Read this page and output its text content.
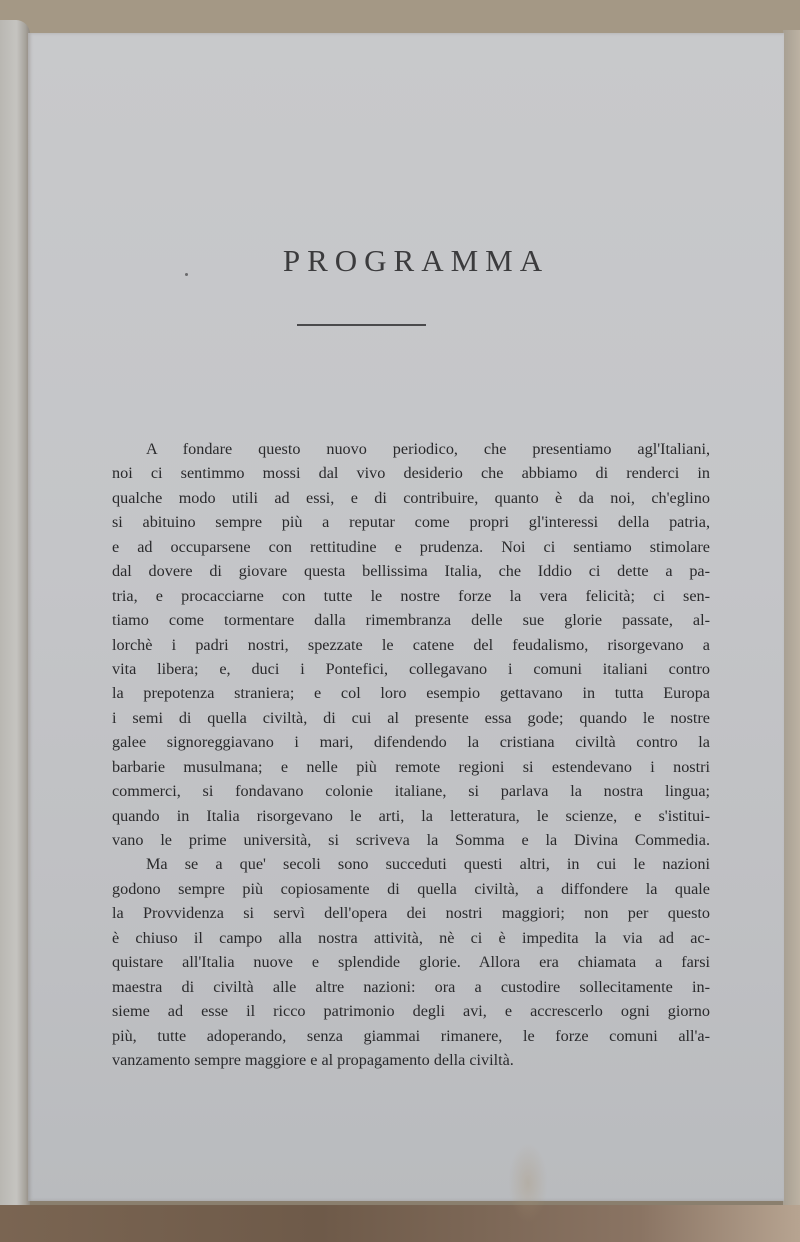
PROGRAMMA
A fondare questo nuovo periodico, che presentiamo agl'Italiani,
noi ci sentimmo mossi dal vivo desiderio che abbiamo di renderci in
qualche modo utili ad essi, e di contribuire, quanto è da noi, ch'eglino
si abituino sempre più a reputar come propri gl'interessi della patria,
e ad occuparsene con rettitudine e prudenza. Noi ci sentiamo stimolare
dal dovere di giovare questa bellissima Italia, che Iddio ci dette a pa-
tria, e procacciarne con tutte le nostre forze la vera felicità; ci sen-
tiamo come tormentare dalla rimembranza delle sue glorie passate, al-
lorchè i padri nostri, spezzate le catene del feudalismo, risorgevano a
vita libera; e, duci i Pontefici, collegavano i comuni italiani contro
la prepotenza straniera; e col loro esempio gettavano in tutta Europa
i semi di quella civiltà, di cui al presente essa gode; quando le nostre
galee signoreggiavano i mari, difendendo la cristiana civiltà contro la
barbarie musulmana; e nelle più remote regioni si estendevano i nostri
commerci, si fondavano colonie italiane, si parlava la nostra lingua;
quando in Italia risorgevano le arti, la letteratura, le scienze, e s'istitui-
vano le prime università, si scriveva la Somma e la Divina Commedia.
Ma se a que' secoli sono succeduti questi altri, in cui le nazioni
godono sempre più copiosamente di quella civiltà, a diffondere la quale
la Provvidenza si servì dell'opera dei nostri maggiori; non per questo
è chiuso il campo alla nostra attività, nè ci è impedita la via ad ac-
quistare all'Italia nuove e splendide glorie. Allora era chiamata a farsi
maestra di civiltà alle altre nazioni: ora a custodire sollecitamente in-
sieme ad esse il ricco patrimonio degli avi, e accrescerlo ogni giorno
più, tutte adoperando, senza giammai rimanere, le forze comuni all'a-
vanzamento sempre maggiore e al propagamento della civiltà.
